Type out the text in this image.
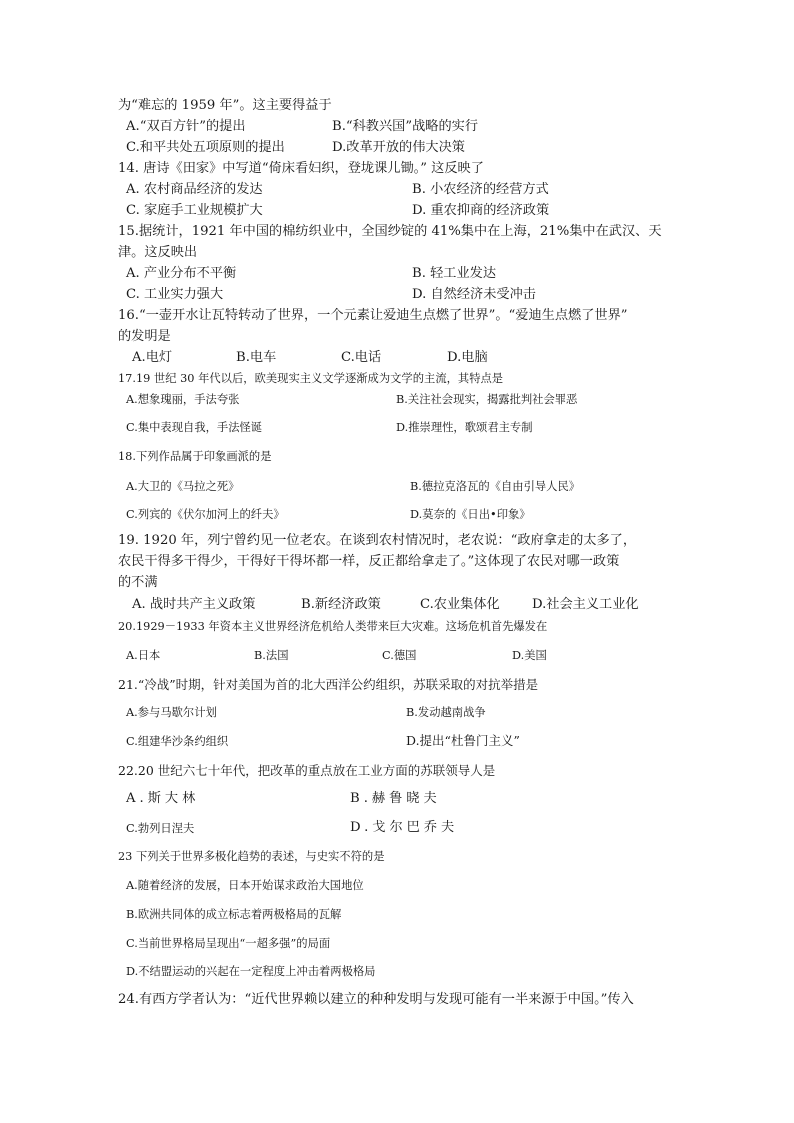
为“难忘的 1959 年”。这主要得益于
A.“双百方针”的提出	B.“科教兴国”战略的实行
C.和平共处五项原则的提出	D.改革开放的伟大决策
14. 唐诗《田家》中写道“倚床看妇织，登垅课儿锄。” 这反映了
A. 农村商品经济的发达	B. 小农经济的经营方式
C. 家庭手工业规模扩大	D. 重农抑商的经济政策
15.据统计，1921 年中国的棉纺织业中，全国纱锭的 41%集中在上海，21%集中在武汉、天
津。这反映出
A. 产业分布不平衡	B. 轻工业发达
C. 工业实力强大	D. 自然经济未受冲击
16.“一壶开水让瓦特转动了世界，一个元素让爱迪生点燃了世界”。“爱迪生点燃了世界”
的发明是
A.电灯	B.电车	C.电话	D.电脑
17.19 世纪 30 年代以后，欧美现实主义文学逐渐成为文学的主流，其特点是
A.想象瑰丽，手法夸张	B.关注社会现实，揭露批判社会罪恶
C.集中表现自我，手法怪诞	D.推崇理性，歌颂君主专制
18.下列作品属于印象画派的是
A.大卫的《马拉之死》	B.德拉克洛瓦的《自由引导人民》
C.列宾的《伏尔加河上的纤夫》	D.莫奈的《日出•印象》
19. 1920 年，列宁曾约见一位老农。在谈到农村情况时，老农说：“政府拿走的太多了，
农民干得多干得少，干得好干得坏都一样，反正都给拿走了。”这体现了农民对哪一政策
的不满
A. 战时共产主义政策	B.新经济政策	C.农业集体化 D.社会主义工业化
20.1929－1933 年资本主义世界经济危机给人类带来巨大灾难。这场危机首先爆发在
A.日本	B.法国	C.德国	D.美国
21.“冷战”时期，针对美国为首的北大西洋公约组织，苏联采取的对抗举措是
A.参与马歇尔计划	B.发动越南战争
C.组建华沙条约组织	D.提出“杜鲁门主义”
22.20 世纪六七十年代，把改革的重点放在工业方面的苏联领导人是
A.斯大林	B.赫鲁晓夫
C.勃列日涅夫	D.戈尔巴乔夫
23 下列关于世界多极化趋势的表述，与史实不符的是
A.随着经济的发展，日本开始谋求政治大国地位
B.欧洲共同体的成立标志着两极格局的瓦解
C.当前世界格局呈现出“一超多强”的局面
D.不结盟运动的兴起在一定程度上冲击着两极格局
24.有西方学者认为：“近代世界赖以建立的种种发明与发现可能有一半来源于中国。”传入
